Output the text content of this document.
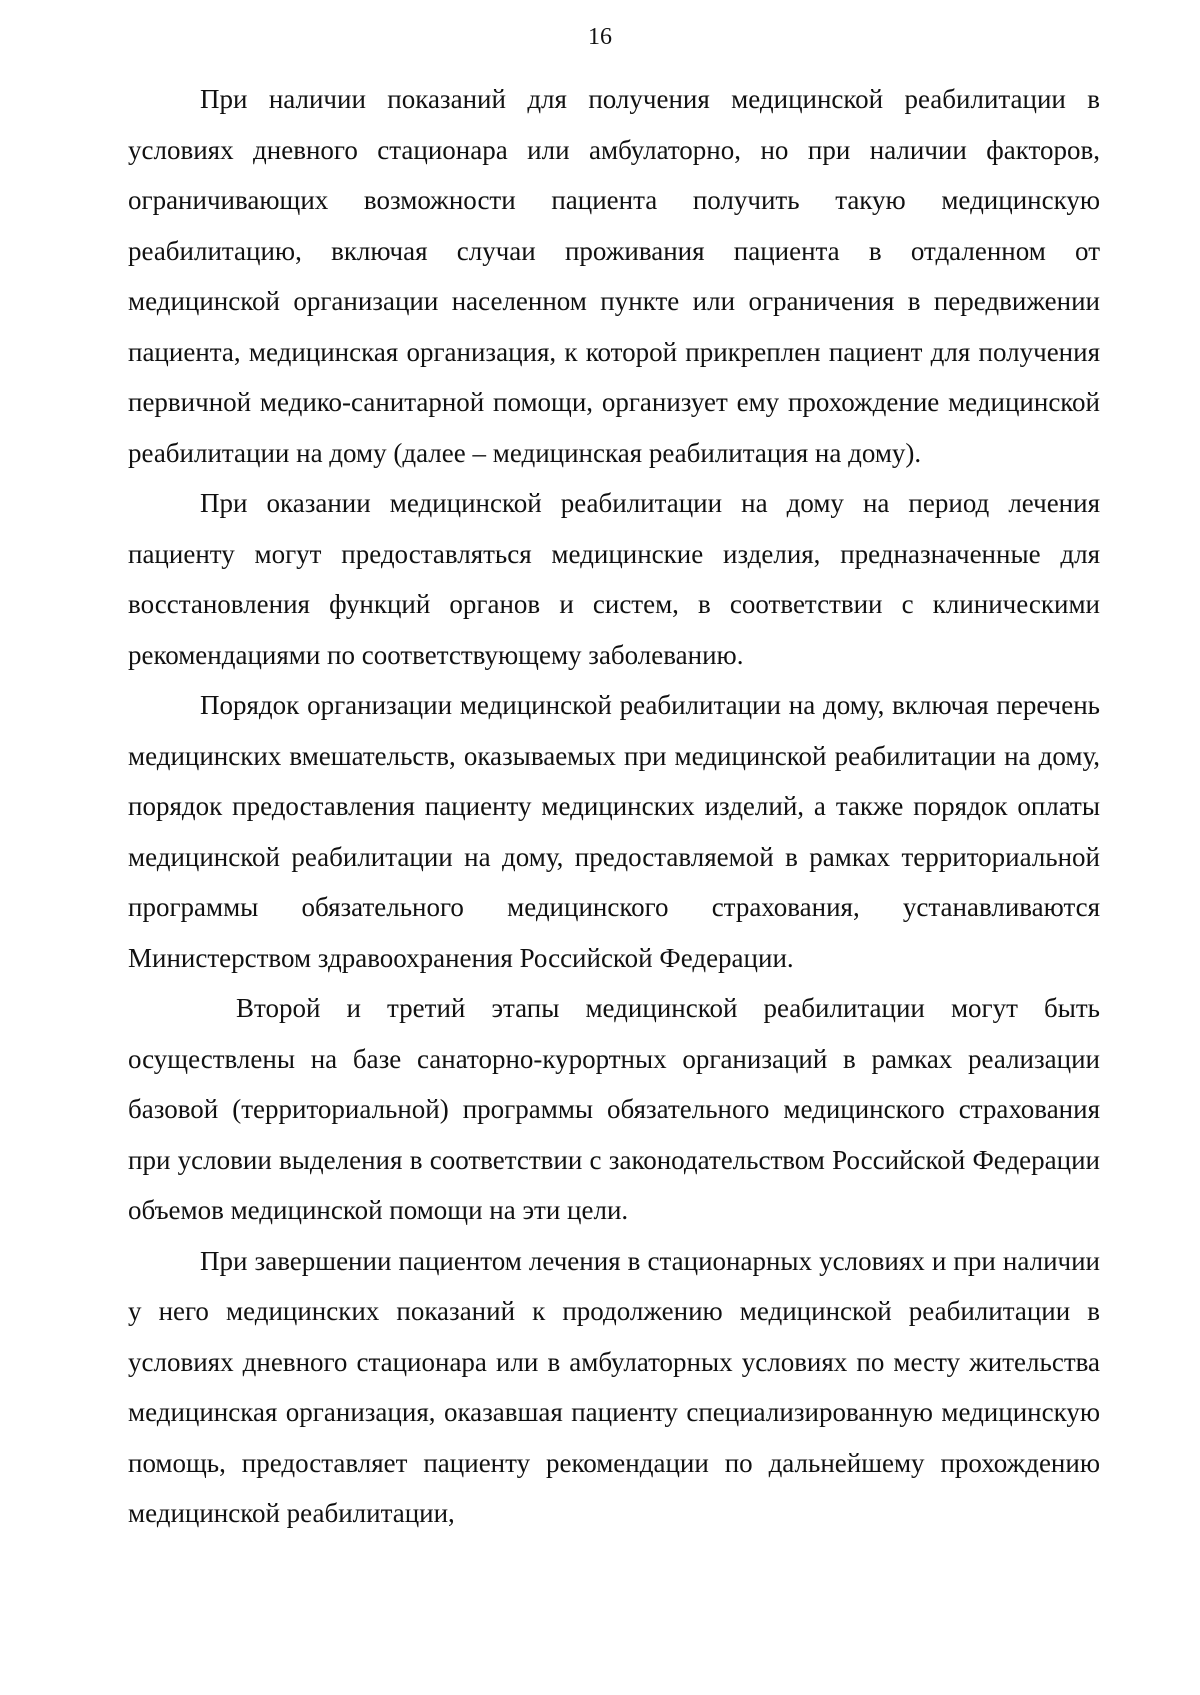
16

При наличии показаний для получения медицинской реабилитации в условиях дневного стационара или амбулаторно, но при наличии факторов, ограничивающих возможности пациента получить такую медицинскую реабилитацию, включая случаи проживания пациента в отдаленном от медицинской организации населенном пункте или ограничения в передвижении пациента, медицинская организация, к которой прикреплен пациент для получения первичной медико-санитарной помощи, организует ему прохождение медицинской реабилитации на дому (далее – медицинская реабилитация на дому).

При оказании медицинской реабилитации на дому на период лечения пациенту могут предоставляться медицинские изделия, предназначенные для восстановления функций органов и систем, в соответствии с клиническими рекомендациями по соответствующему заболеванию.

Порядок организации медицинской реабилитации на дому, включая перечень медицинских вмешательств, оказываемых при медицинской реабилитации на дому, порядок предоставления пациенту медицинских изделий, а также порядок оплаты медицинской реабилитации на дому, предоставляемой в рамках территориальной программы обязательного медицинского страхования, устанавливаются Министерством здравоохранения Российской Федерации.

Второй и третий этапы медицинской реабилитации могут быть осуществлены на базе санаторно-курортных организаций в рамках реализации базовой (территориальной) программы обязательного медицинского страхования при условии выделения в соответствии с законодательством Российской Федерации объемов медицинской помощи на эти цели.

При завершении пациентом лечения в стационарных условиях и при наличии у него медицинских показаний к продолжению медицинской реабилитации в условиях дневного стационара или в амбулаторных условиях по месту жительства медицинская организация, оказавшая пациенту специализированную медицинскую помощь, предоставляет пациенту рекомендации по дальнейшему прохождению медицинской реабилитации,
